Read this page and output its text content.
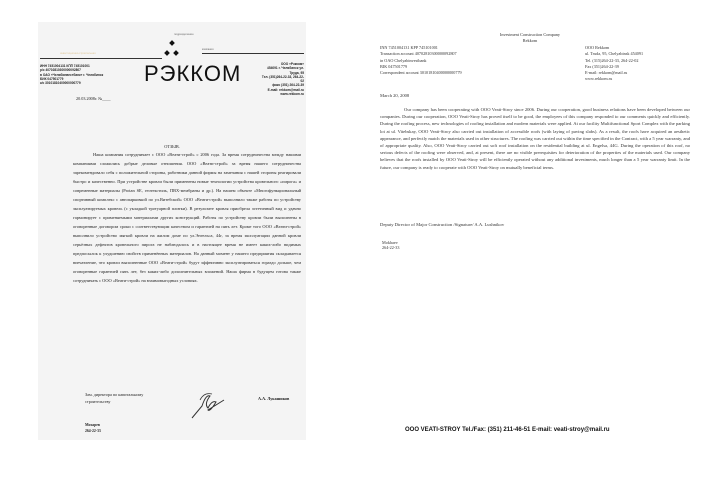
подразделение
инвестиционно-строительная
компания
РЭККОМ
ИНН 7451004131 КПП 745101001
р/с 40702810300000092807
в ОАО «Челябинвестбанк» г. Челябинск
БИК 047501779
к/с 30101810400000000779
ООО «Рэкком»
454091 г. Челябинск ул. Труда, 95
Тел. (351)264-22-33, 264-22-02
факс (351) 264-22-39
E-mail: rekkom@mail.ru
www.rekkom.ru
20.03.2008г. №____
ОТЗЫВ.

Наша компания сотрудничает с ООО «Веати-строй» с 2006 года. За время сотрудничества между нашими компаниями сложились добрые деловые отношения. ООО «Веати-строй» за время нашего сотрудничества зарекомендовало себя с положительной стороны, работники данной фирмы на замечания с нашей стороны реагировали быстро и качественно. При устройстве кровли были применены новые технологии устройства кровельного «пирога» и современные материалы (Protan SE, геотекстиль, ПВХ-мембраны и др.). На нашем объекте «Многофункциональный спортивный комплекс с автопарковкой по ул.Витебской» ООО «Веати-строй» выполнило также работы по устройству эксплуатируемых кровель (с укладкой тротуарной плитки). В результате кровля приобрела эстетичный вид и удачно гармонирует с применяемыми материалами других конструкций. Работы по устройству кровли были выполнены в оговоренные договором сроки с соответствующим качеством и гарантией на пять лет. Кроме того ООО «Веати-строй» выполнило устройство мягкой кровли на жилом доме по ул.Энгельса, 44г, за время эксплуатации данной кровли серьёзных дефектов кровельного пирога не наблюдалось и в настоящее время не имеет каких-либо видимых предпосылок к ухудшению свойств применённых материалов. На данный момент у нашего предприятия складывается впечатление, что кровли выполненные ООО «Веати-строй» будут эффективно эксплуатироваться гораздо дольше, чем оговоренные гарантией пять лет, без каких-либо дополнительных вложений. Наша фирма в будущем готова также сотрудничать с ООО «Веати-строй» на взаимовыгодных условиях.

Зам. директора по капитальному строительству	А.А. Лукашиков
Мохарев
264-22-33
Investment Construction Company
Rekkom
INN 7451004131 KPP 745101001
Transaction account 40702810300000092807
in OAO Chelyabinvestbank
BIK 047501779
Correspondent account 30101810400000000779
OOO Rekkom
ul. Truda, 95, Chelyabinsk 454091
Tel. (315)264-22-33, 264-22-02
Fax (351)264-22-39
E-mail: rekkom@mail.ru
www.rekkom.ru
March 20, 2008

Our company has been cooperating with OOO Veati-Stroy since 2006. During our cooperation, good business relations have been developed between our companies. During our cooperation, OOO Veati-Stroy has proved itself to be good, the employees of this company responded to our comments quickly and efficiently. During the roofing process, new technologies of roofing installation and modern materials were applied. At our facility Multifunctional Sport Complex with the parking lot at ul. Vitebskay, OOO Veati-Stroy also carried out installation of accessible roofs (with laying of paving slabs). As a result, the roofs have acquired an aesthetic appearance, and perfectly match the materials used in other structures. The roofing was carried out within the time specified in the Contract, with a 5 year warranty, and of appropriate quality. Also, OOO Veati-Stroy carried out soft roof installation on the residential building at ul. Engelsa, 44G. During the operation of this roof, no serious defects of the roofing were observed, and, at present, there are no visible prerequisites for deterioration of the properties of the materials used. Our company believes that the roofs installed by OOO Veati-Stroy will be efficiently operated without any additional investments, much longer than a 5 year warranty limit. In the future, our company is ready to cooperate with OOO Veati-Stroy on mutually beneficial terms.

Deputy Director of Major Construction /Signature/ A.A. Lushnikov
Mokhaev
264-22-33
OOO VEATI-STROY Tel./Fax: (351) 211-46-51 E-mail: veati-stroy@mail.ru
